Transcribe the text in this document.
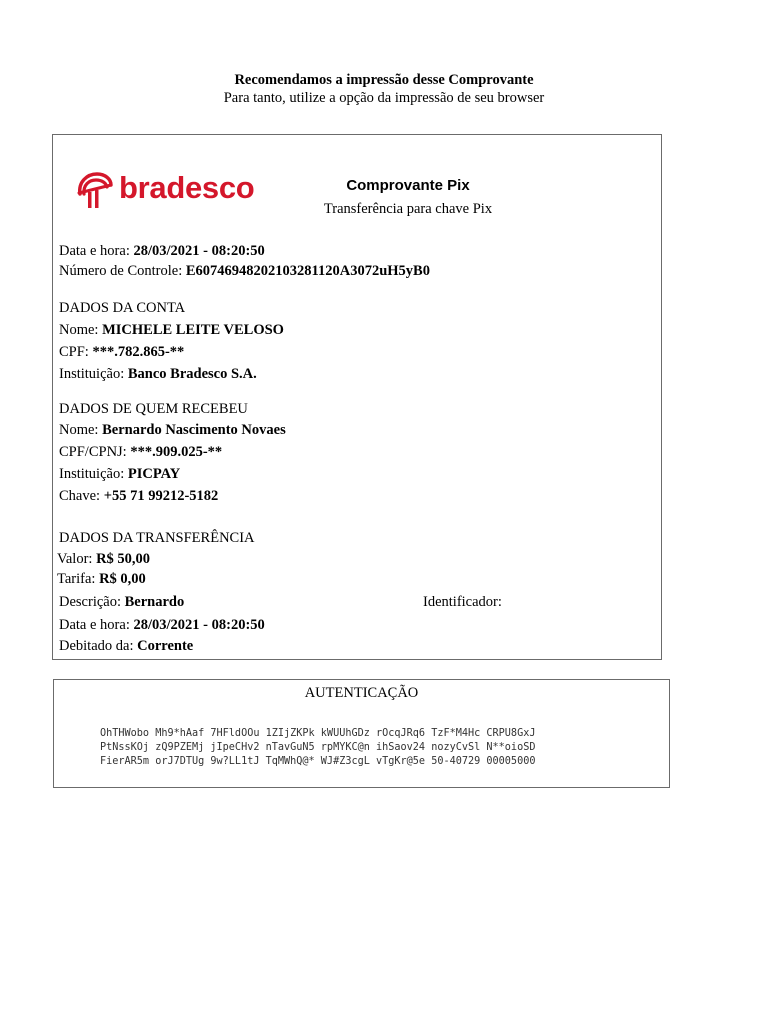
Recomendamos a impressão desse Comprovante
Para tanto, utilize a opção da impressão de seu browser
bradesco	Comprovante Pix
Transferência para chave Pix
Data e hora: 28/03/2021 - 08:20:50
Número de Controle: E60746948202103281120A3072uH5yB0
DADOS DA CONTA
Nome: MICHELE LEITE VELOSO
CPF: ***.782.865-**
Instituição: Banco Bradesco S.A.
DADOS DE QUEM RECEBEU
Nome: Bernardo Nascimento Novaes
CPF/CPNJ: ***.909.025-**
Instituição: PICPAY
Chave: +55 71 99212-5182
DADOS DA TRANSFERÊNCIA
Valor: R$ 50,00
Tarifa: R$ 0,00
Descrição: Bernardo	Identificador:
Data e hora: 28/03/2021 - 08:20:50
Debitado da: Corrente
AUTENTICAÇÃO
OhTHWobo Mh9*hAaf 7HFldOOu 1ZIjZKPk kWUUhGDz rOcqJRq6 TzF*M4Hc CRPU8GxJ
PtNssKOj zQ9PZEMj jIpeCHv2 nTavGuN5 rpMYKC@n ihSaov24 nozyCvSl N**oioSD
FierAR5m orJ7DTUg 9w?LL1tJ TqMWhQ@* WJ#Z3cgL vTgKr@5e 50-40729 00005000
